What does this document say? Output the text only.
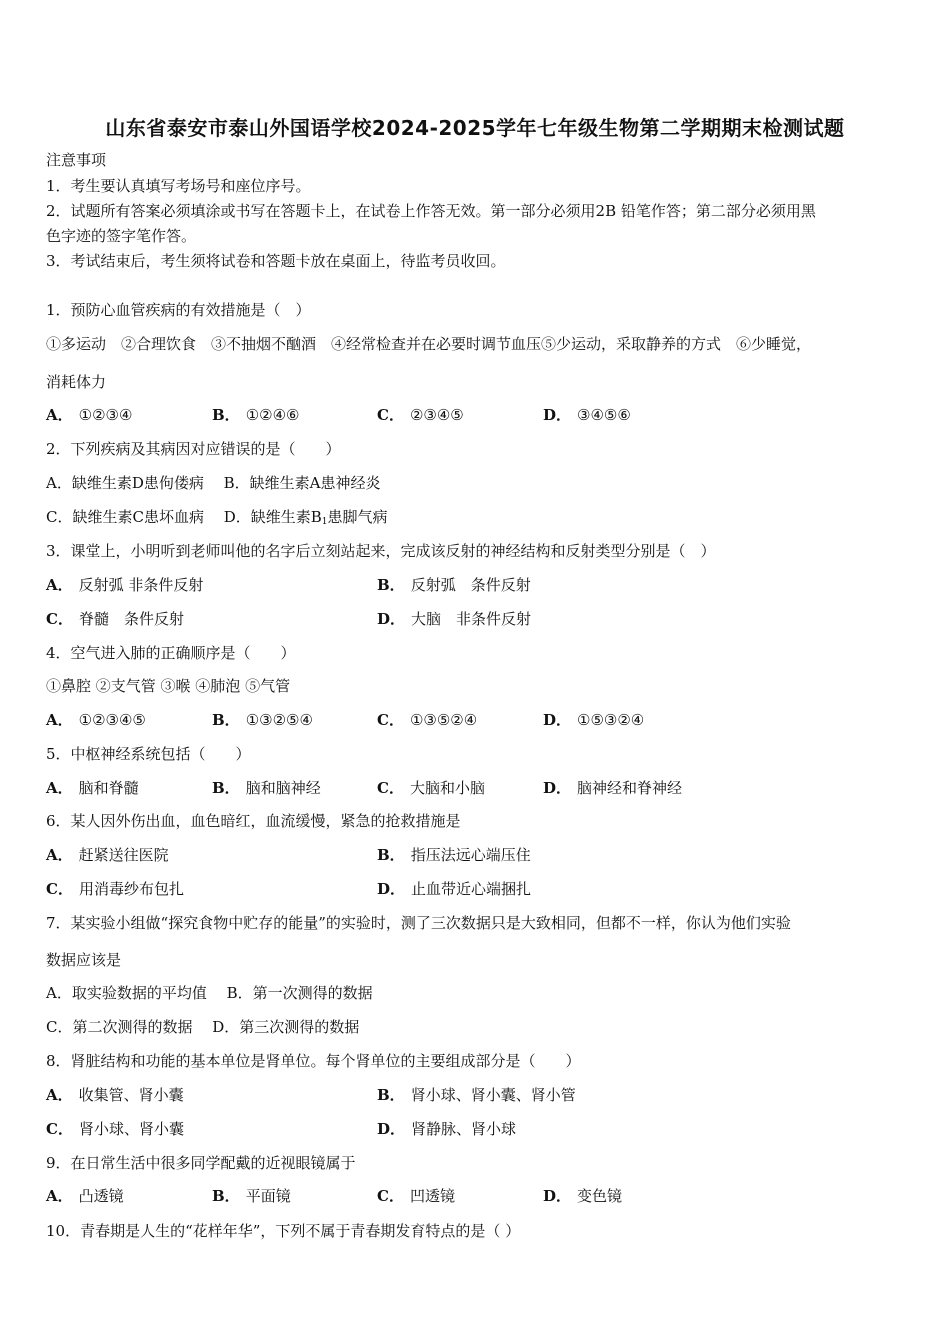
山东省泰安市泰山外国语学校2024-2025学年七年级生物第二学期期末检测试题
注意事项
1．考生要认真填写考场号和座位序号。
2．试题所有答案必须填涂或书写在答题卡上，在试卷上作答无效。第一部分必须用2B 铅笔作答；第二部分必须用黑
色字迹的签字笔作答。
3．考试结束后，考生须将试卷和答题卡放在桌面上，待监考员收回。
1．预防心血管疾病的有效措施是（　）
①多运动　②合理饮食　③不抽烟不酗酒　④经常检查并在必要时调节血压⑤少运动，采取静养的方式　⑥少睡觉，
消耗体力
A． ①②③④	B． ①②④⑥	C． ②③④⑤	D． ③④⑤⑥
2．下列疾病及其病因对应错误的是（　　）
A．缺维生素D患佝偻病　 B．缺维生素A患神经炎
C．缺维生素C患坏血病　 D．缺维生素$B_1$患脚气病
3．课堂上，小明听到老师叫他的名字后立刻站起来，完成该反射的神经结构和反射类型分别是（　）
A． 反射弧 非条件反射	B． 反射弧　条件反射
C． 脊髓　条件反射	D． 大脑　非条件反射
4．空气进入肺的正确顺序是（　　）
①鼻腔 ②支气管 ③喉 ④肺泡 ⑤气管
A． ①②③④⑤	B． ①③②⑤④	C． ①③⑤②④	D． ①⑤③②④
5．中枢神经系统包括（　　）
A． 脑和脊髓	B． 脑和脑神经	C． 大脑和小脑	D． 脑神经和脊神经
6．某人因外伤出血，血色暗红，血流缓慢，紧急的抢救措施是
A． 赶紧送往医院	B． 指压法远心端压住
C． 用消毒纱布包扎	D． 止血带近心端捆扎
7．某实验小组做“探究食物中贮存的能量”的实验时，测了三次数据只是大致相同，但都不一样，你认为他们实验
数据应该是
A．取实验数据的平均值　 B．第一次测得的数据
C．第二次测得的数据　 D．第三次测得的数据
8．肾脏结构和功能的基本单位是肾单位。每个肾单位的主要组成部分是（　　）
A． 收集管、肾小囊	B． 肾小球、肾小囊、肾小管
C． 肾小球、肾小囊	D． 肾静脉、肾小球
9．在日常生活中很多同学配戴的近视眼镜属于
A． 凸透镜	B． 平面镜	C． 凹透镜	D． 变色镜
10．青春期是人生的“花样年华”，下列不属于青春期发育特点的是（ ）
